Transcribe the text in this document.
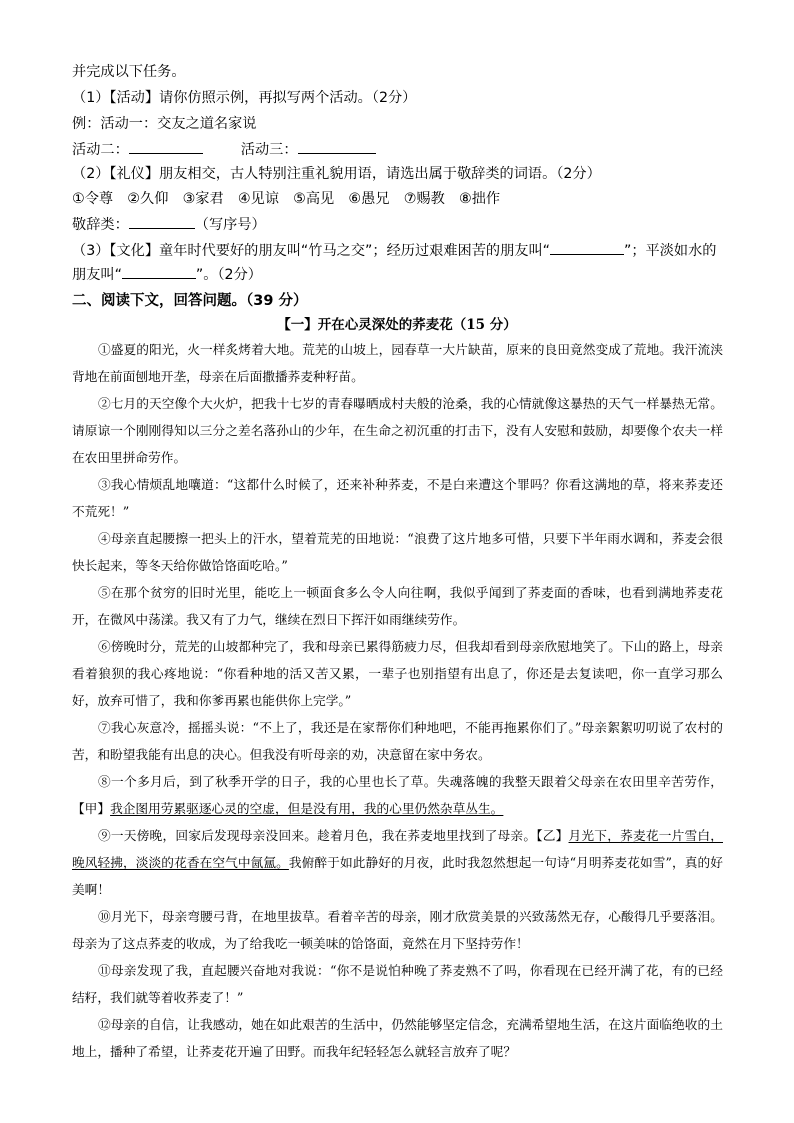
并完成以下任务。
（1）【活动】请你仿照示例，再拟写两个活动。（2分）
例：活动一：交友之道名家说
活动二：	活动三：
（2）【礼仪】朋友相交，古人特别注重礼貌用语，请选出属于敬辞类的词语。（2分）
①令尊　②久仰　③家君　④见谅　⑤高见　⑥愚兄　⑦赐教　⑧拙作
敬辞类：	（写序号）
（3）【文化】童年时代要好的朋友叫“竹马之交”；经历过艰难困苦的朋友叫“	”；平淡如水的
朋友叫“	”。（2分）
二、阅读下文，回答问题。（39 分）
【一】开在心灵深处的荞麦花（15 分）

①盛夏的阳光，火一样炙烤着大地。荒芜的山坡上，园春草一大片缺苗，原来的良田竟然变成了荒地。我汗流浃背地在前面刨地开垄，母亲在后面撒播荞麦种籽苗。

②七月的天空像个大火炉，把我十七岁的青春曝晒成村夫般的沧桑，我的心情就像这暴热的天气一样暴热无常。请原谅一个刚刚得知以三分之差名落孙山的少年，在生命之初沉重的打击下，没有人安慰和鼓励，却要像个农夫一样在农田里拼命劳作。

③我心情烦乱地嚷道：“这都什么时候了，还来补种荞麦，不是白来遭这个罪吗？你看这满地的草，将来荞麦还不荒死！”

④母亲直起腰擦一把头上的汗水，望着荒芜的田地说：“浪费了这片地多可惜，只要下半年雨水调和，荞麦会很快长起来，等冬天给你做饸饹面吃哈。”

⑤在那个贫穷的旧时光里，能吃上一顿面食多么令人向往啊，我似乎闻到了荞麦面的香味，也看到满地荞麦花开，在微风中荡漾。我又有了力气，继续在烈日下挥汗如雨继续劳作。

⑥傍晚时分，荒芜的山坡都种完了，我和母亲已累得筋疲力尽，但我却看到母亲欣慰地笑了。下山的路上，母亲看着狼狈的我心疼地说：“你看种地的活又苦又累，一辈子也别指望有出息了，你还是去复读吧，你一直学习那么好，放弃可惜了，我和你爹再累也能供你上完学。”

⑦我心灰意冷，摇摇头说：“不上了，我还是在家帮你们种地吧，不能再拖累你们了。”母亲絮絮叨叨说了农村的苦，和盼望我能有出息的决心。但我没有听母亲的劝，决意留在家中务农。

⑧一个多月后，到了秋季开学的日子，我的心里也长了草。失魂落魄的我整天跟着父母亲在农田里辛苦劳作，【甲】我企图用劳累驱逐心灵的空虚，但是没有用，我的心里仍然杂草丛生。

⑨一天傍晚，回家后发现母亲没回来。趁着月色，我在荞麦地里找到了母亲。【乙】月光下，荞麦花一片雪白，晚风轻拂，淡淡的花香在空气中氤氲。我俯醉于如此静好的月夜，此时我忽然想起一句诗“月明荞麦花如雪”，真的好美啊！

⑩月光下，母亲弯腰弓背，在地里拔草。看着辛苦的母亲，刚才欣赏美景的兴致荡然无存，心酸得几乎要落泪。母亲为了这点荞麦的收成，为了给我吃一顿美味的饸饹面，竟然在月下坚持劳作！

⑪母亲发现了我，直起腰兴奋地对我说：“你不是说怕种晚了荞麦熟不了吗，你看现在已经开满了花，有的已经结籽，我们就等着收荞麦了！”

⑫母亲的自信，让我感动，她在如此艰苦的生活中，仍然能够坚定信念，充满希望地生活，在这片面临绝收的土地上，播种了希望，让荞麦花开遍了田野。而我年纪轻轻怎么就轻言放弃了呢？
